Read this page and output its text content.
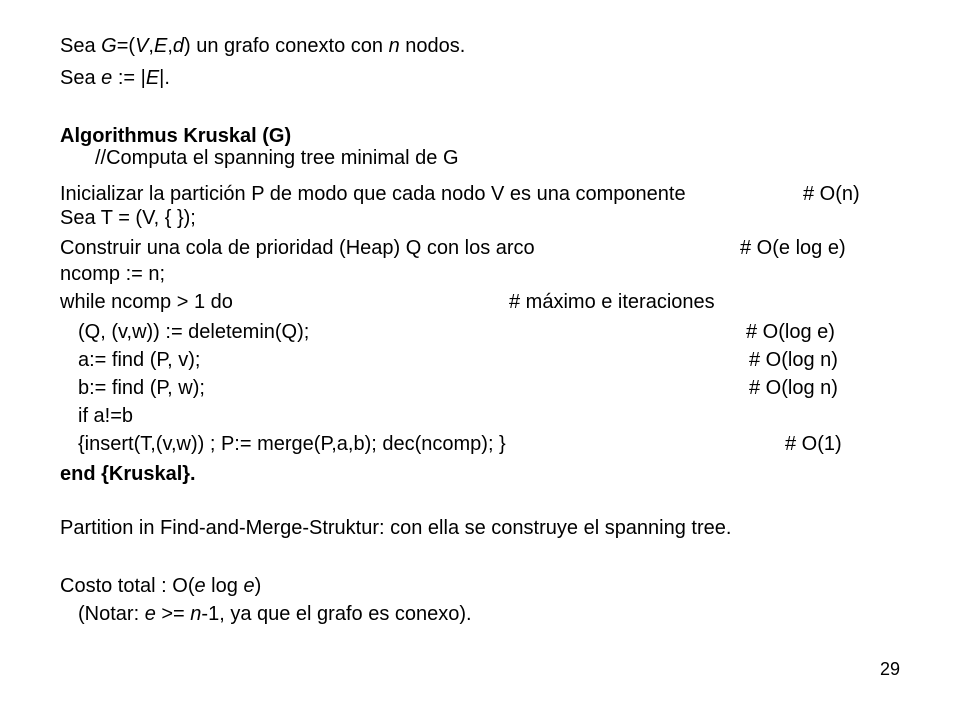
Sea G=(V,E,d) un grafo conexto con n nodos.
Sea e := |E|.
Algorithmus Kruskal (G)
//Computa el spanning tree minimal de G
Inicializar la partición P de modo que cada nodo V es una componente	# O(n)
Sea T = (V, { });
Construir una cola de prioridad (Heap) Q con los arco	# O(e log e)
ncomp := n;
while ncomp > 1 do	# máximo e iteraciones
(Q, (v,w)) := deletemin(Q);	# O(log e)
a:= find (P, v);	# O(log n)
b:= find (P, w);	# O(log n)
if a!=b
{insert(T,(v,w)) ; P:= merge(P,a,b); dec(ncomp); }	# O(1)
end {Kruskal}.
Partition in Find-and-Merge-Struktur: con ella se construye el spanning tree.
Costo total : O(e log e)
(Notar: e >= n-1, ya que el grafo es conexo).
29
